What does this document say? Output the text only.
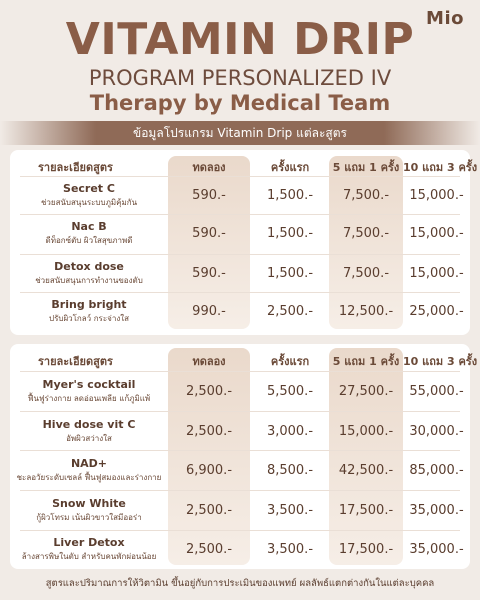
Mio
VITAMIN DRIP
PROGRAM PERSONALIZED IV
Therapy by Medical Team
ข้อมูลโปรแกรม Vitamin Drip แต่ละสูตร
รายละเอียดสูตร	ทดลอง	ครั้งแรก	5 แถม 1 ครั้ง 10 แถม 3 ครั้ง
Secret C
ช่วยสนับสนุนระบบภูมิคุ้มกัน	590.-	1,500.-	7,500.-	15,000.-
Nac B
ดีท็อกซ์ตับ ผิวใสสุขภาพดี	590.-	1,500.-	7,500.-	15,000.-
Detox dose
ช่วยสนับสนุนการทำงานของตับ	590.-	1,500.-	7,500.-	15,000.-
Bring bright
ปรับผิวโกลว์ กระจ่างใส	990.-	2,500.-	12,500.-	25,000.-
รายละเอียดสูตร	ทดลอง	ครั้งแรก	5 แถม 1 ครั้ง 10 แถม 3 ครั้ง
Myer's cocktail
ฟื้นฟูร่างกาย ลดอ่อนเพลีย แก้ภูมิแพ้	2,500.-	5,500.-	27,500.-	55,000.-
Hive dose vit C
อัพผิวสว่างใส	2,500.-	3,000.-	15,000.-	30,000.-
NAD+
ชะลอวัยระดับเซลล์ ฟื้นฟูสมองและร่างกาย	6,900.-	8,500.-	42,500.-	85,000.-
Snow White
กู้ผิวโทรม เน้นผิวขาวใสมีออร่า	2,500.-	3,500.-	17,500.-	35,000.-
Liver Detox
ล้างสารพิษในตับ สำหรับคนพักผ่อนน้อย	2,500.-	3,500.-	17,500.-	35,000.-
สูตรและปริมาณการให้วิตามิน ขึ้นอยู่กับการประเมินของแพทย์ ผลลัพธ์แตกต่างกันในแต่ละบุคคล
